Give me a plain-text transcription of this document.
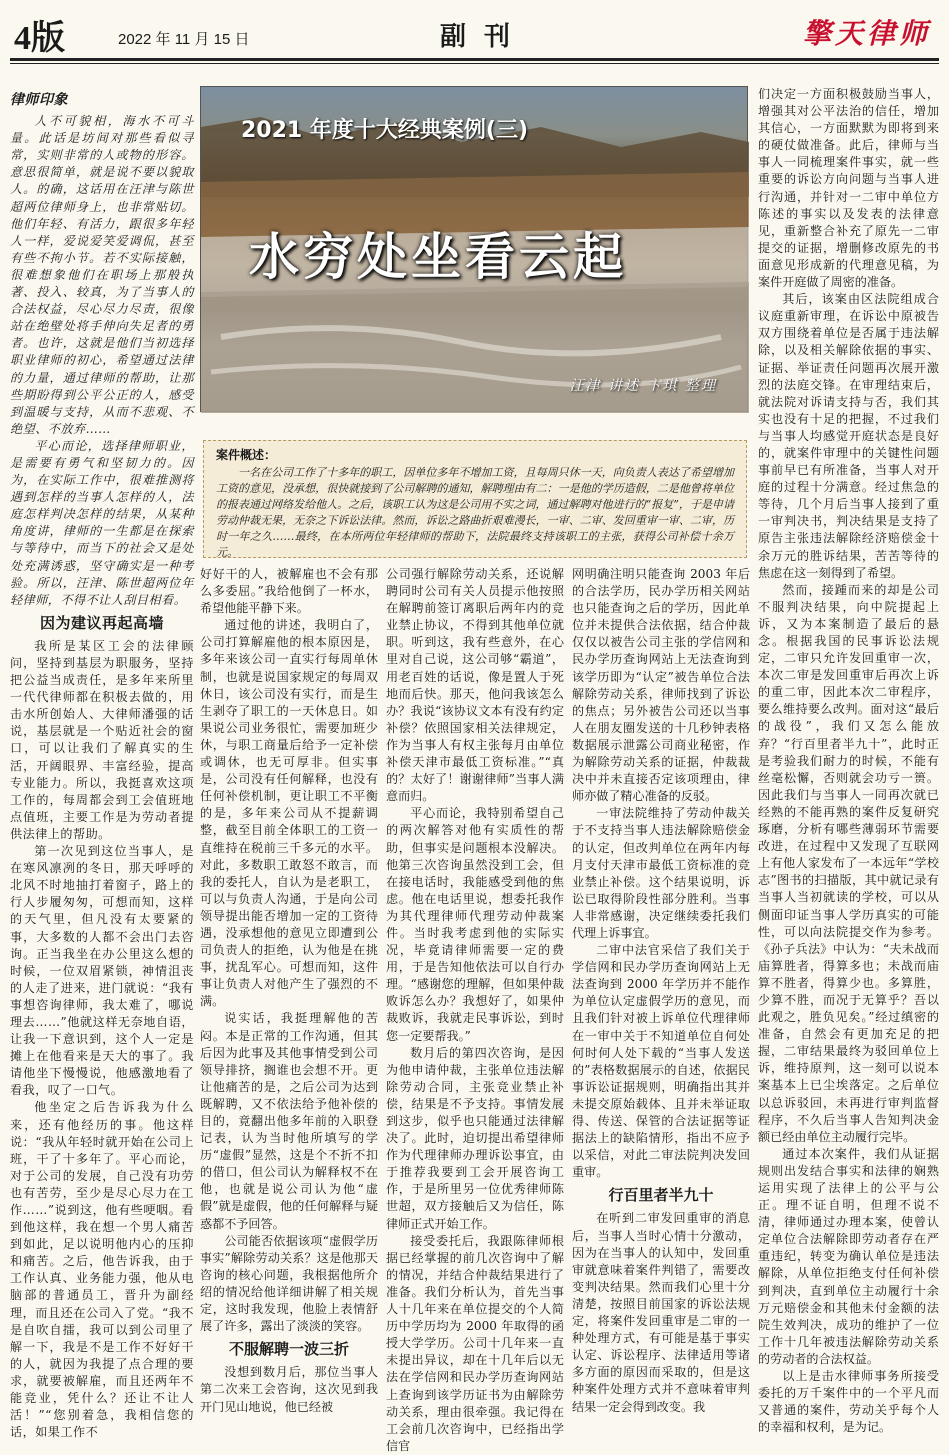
4版	2022 年 11 月 15 日	副刊	擎天律师
律师印象

人不可貌相，海水不可斗量。此话是坊间对那些看似寻常，实则非常的人或物的形容。意思很简单，就是说不要以貌取人。的确，这话用在汪津与陈世超两位律师身上，也非常贴切。他们年轻、有活力，跟很多年轻人一样，爱说爱笑爱调侃，甚至有些不拘小节。若不实际接触，很难想象他们在职场上那般执著、投入、较真，为了当事人的合法权益，尽心尽力尽责，很像站在绝壁处将手伸向失足者的勇者。也许，这就是他们当初选择职业律师的初心，希望通过法律的力量，通过律师的帮助，让那些期盼得到公平公正的人，感受到温暖与支持，从而不悲观、不绝望、不放弃……

平心而论，选择律师职业，是需要有勇气和坚韧力的。因为，在实际工作中，很难推测将遇到怎样的当事人怎样的人，法庭怎样判决怎样的结果，从某种角度讲，律师的一生都是在探索与等待中，而当下的社会又是处处充满诱惑，坚守确实是一种考验。所以，汪津、陈世超两位年轻律师，不得不让人刮目相看。

因为建议再起高墙

我所是某区工会的法律顾问，坚持到基层为职服务，坚持把公益当成责任，是多年来所里一代代律师都在积极去做的，用击水所创始人、大律师潘强的话说，基层就是一个贴近社会的窗口，可以让我们了解真实的生活，开阔眼界、丰富经验，提高专业能力。所以，我挺喜欢这项工作的，每周都会到工会值班地点值班，主要工作是为劳动者提供法律上的帮助。

第一次见到这位当事人，是在寒风凛冽的冬日，那天呼呼的北风不时地抽打着窗子，路上的行人步履匆匆，可想而知，这样的天气里，但凡没有太要紧的事，大多数的人都不会出门去咨询。正当我坐在办公里这么想的时候，一位双眉紧锁，神情沮丧的人走了进来，进门就说：“我有事想咨询律师，我太难了，哪说理去……”他就这样无奈地自语，让我一下意识到，这个人一定是摊上在他看来是天大的事了。我请他坐下慢慢说，他感激地看了看我，叹了一口气。

他坐定之后告诉我为什么来，还有他经历的事。他这样说：“我从年轻时就开始在公司上班，干了十多年了。平心而论，对于公司的发展，自己没有功劳也有苦劳，至少是尽心尽力在工作……”说到这，他有些哽咽。看到他这样，我在想一个男人痛苦到如此，足以说明他内心的压抑和痛苦。之后，他告诉我，由于工作认真、业务能力强，他从电脑部的普通员工，晋升为副经理，而且还在公司入了党。“我不是自吹自擂，我可以到公司里了解一下，我是不是工作不好好干的人，就因为我提了点合理的要求，就要被解雇，而且还两年不能竞业，凭什么？还让不让人活！”“您别着急，我相信您的话，如果工作不

2021 年度十大经典案例(三)
水穷处坐看云起
汪津 讲述 卞琪 整理
案件概述：
一名在公司工作了十多年的职工，因单位多年不增加工资，且每周只休一天，向负责人表达了希望增加工资的意见，没承想，很快就接到了公司解聘的通知，解聘理由有二：一是他的学历造假，二是他曾将单位的报表通过网络发给他人。之后，该职工认为这是公司用不实之词，通过解聘对他进行的“报复”，于是申请劳动仲裁无果，无奈之下诉讼法律。然而，诉讼之路曲折艰难漫长，一审、二审、发回重审一审、二审，历时一年之久……最终，在本所两位年轻律师的帮助下，法院最终支持该职工的主张，获得公司补偿十余万元。

好好干的人，被解雇也不会有那么多委屈。”我给他倒了一杯水，希望他能平静下来。

通过他的讲述，我明白了，公司打算解雇他的根本原因是，多年来该公司一直实行每周单休制，也就是说国家规定的每周双休日，该公司没有实行，而是生生剥夺了职工的一天休息日。如果说公司业务很忙，需要加班少休，与职工商量后给予一定补偿或调休，也无可厚非。但实事是，公司没有任何解释，也没有任何补偿机制，更让职工不平衡的是，多年来公司从不提薪调整，截至目前全体职工的工资一直维持在税前三千多元的水平。对此，多数职工敢怒不敢言，而我的委托人，自认为是老职工，可以与负责人沟通，于是向公司领导提出能否增加一定的工资待遇，没承想他的意见立即遭到公司负责人的拒绝，认为他是在挑事，扰乱军心。可想而知，这件事让负责人对他产生了强烈的不满。

说实话，我挺理解他的苦闷。本是正常的工作沟通，但其后因为此事及其他事情受到公司领导排挤，搁谁也会想不开。更让他痛苦的是，之后公司为达到既解聘，又不依法给予他补偿的目的，竟翻出他多年前的入职登记表，认为当时他所填写的学历“虚假”显然，这是个不折不扣的借口，但公司认为解释权不在他，也就是说公司认为他“虚假”就是虚假，他的任何解释与疑惑都不予回答。

公司能否依据该项“虚假学历事实”解除劳动关系？这是他那天咨询的核心问题，我根据他所介绍的情况给他详细讲解了相关规定，这时我发现，他脸上表情舒展了许多，露出了淡淡的笑容。

不服解聘一波三折

没想到数月后，那位当事人第二次来工会咨询，这次见到我开门见山地说，他已经被

公司强行解除劳动关系，还说解聘同时公司有关人员提示他按照在解聘前签订离职后两年内的竞业禁止协议，不得到其他单位就职。听到这，我有些意外，在心里对自己说，这公司够“霸道”，用老百姓的话说，像是置人于死地而后快。那天，他问我该怎么办？我说“该协议文本有没有约定补偿？依照国家相关法律规定，作为当事人有权主张每月由单位补偿天津市最低工资标准。”“真的？太好了！谢谢律师”当事人满意而归。

平心而论，我特别希望自己的两次解答对他有实质性的帮助，但事实是问题根本没解决。他第三次咨询虽然没到工会，但在接电话时，我能感受到他的焦虑。他在电话里说，想委托我作为其代理律师代理劳动仲裁案件。当时我考虑到他的实际实况，毕竟请律师需要一定的费用，于是告知他依法可以自行办理。“感谢您的理解，但如果仲裁败诉怎么办？我想好了，如果仲裁败诉，我就走民事诉讼，到时您一定要帮我。”

数月后的第四次咨询，是因为他申请仲裁，主张单位违法解除劳动合同，主张竞业禁止补偿，结果是不予支持。事情发展到这步，似乎也只能通过法律解决了。此时，迫切提出希望律师作为代理律师办理诉讼事宜，由于推荐我要到工会开展咨询工作，于是所里另一位优秀律师陈世超，双方接触后又为信任，陈律师正式开始工作。

接受委托后，我跟陈律师根据已经掌握的前几次咨询中了解的情况，并结合仲裁结果进行了准备。我们分析认为，首先当事人十几年来在单位提交的个人简历中学历均为 2000 年取得的函授大学学历。公司十几年来一直未提出异议，却在十几年后以无法在学信网和民办学历查询网站上查询到该学历证书为由解除劳动关系，理由很牵强。我记得在工会前几次咨询中，已经指出学信官

网明确注明只能查询 2003 年后的合法学历，民办学历相关网站也只能查询之后的学历，因此单位并未提供合法依据，结合仲裁仅仅以被告公司主张的学信网和民办学历查询网站上无法查询到该学历即为“认定”被告单位合法解除劳动关系，律师找到了诉讼的焦点；另外被告公司还以当事人在朋友圈发送的十几秒钟表格数据展示泄露公司商业秘密，作为解除劳动关系的证据，仲裁裁决中并未直接否定该项理由，律师亦做了精心准备的反驳。

一审法院维持了劳动仲裁关于不支持当事人违法解除赔偿金的认定，但改判单位在两年内每月支付天津市最低工资标准的竞业禁止补偿。这个结果说明，诉讼已取得阶段性部分胜利。当事人非常感谢，决定继续委托我们代理上诉事宜。

二审中法官采信了我们关于学信网和民办学历查询网站上无法查询到 2000 年学历并不能作为单位认定虚假学历的意见，而且我们针对被上诉单位代理律师在一审中关于不知道单位自何处何时何人处下载的“当事人发送的”表格数据展示的自述，依据民事诉讼证据规则，明确指出其并未提交原始载体、且并未举证取得、传送、保管的合法证据等证据法上的缺陷情形，指出不应予以采信，对此二审法院判决发回重审。

行百里者半九十

在听到二审发回重审的消息后，当事人当时心情十分激动，因为在当事人的认知中，发回重审就意味着案件判错了，需要改变判决结果。然而我们心里十分清楚，按照目前国家的诉讼法规定，将案件发回重审是二审的一种处理方式，有可能是基于事实认定、诉讼程序、法律适用等诸多方面的原因而采取的，但是这种案件处理方式并不意味着审判结果一定会得到改变。我

们决定一方面积极鼓励当事人，增强其对公平法治的信任，增加其信心，一方面默默为即将到来的硬仗做准备。此后，律师与当事人一同梳理案件事实，就一些重要的诉讼方向问题与当事人进行沟通，并针对一二审中单位方陈述的事实以及发表的法律意见，重新整合补充了原先一二审提交的证据，增删修改原先的书面意见形成新的代理意见稿，为案件开庭做了周密的准备。

其后，该案由区法院组成合议庭重新审理，在诉讼中原被告双方围绕着单位是否属于违法解除，以及相关解除依据的事实、证据、举证责任问题再次展开激烈的法庭交锋。在审理结束后，就法院对诉请支持与否，我们其实也没有十足的把握，不过我们与当事人均感觉开庭状态是良好的，就案件审理中的关键性问题事前早已有所准备，当事人对开庭的过程十分满意。经过焦急的等待，几个月后当事人接到了重一审判决书，判决结果是支持了原告主张违法解除经济赔偿金十余万元的胜诉结果，苦苦等待的焦虑在这一刻得到了希望。

然而，接踵而来的却是公司不服判决结果，向中院提起上诉，又为本案制造了最后的悬念。根据我国的民事诉讼法规定，二审只允许发回重审一次，本次二审是发回重审后再次上诉的重二审，因此本次二审程序，要么维持要么改判。面对这“最后的战役”，我们又怎么能放弃？“行百里者半九十”，此时正是考验我们耐力的时候，不能有丝毫松懈，否则就会功亏一篑。因此我们与当事人一同再次就已经熟的不能再熟的案件反复研究琢磨，分析有哪些薄弱环节需要改进，在过程中又发现了互联网上有他人家发布了一本远年“学校志”图书的扫描版，其中就记录有当事人当初就读的学校，可以从侧面印证当事人学历真实的可能性，可以向法院提交作为参考。《孙子兵法》中认为：“夫未战而庙算胜者，得算多也；未战而庙算不胜者，得算少也。多算胜，少算不胜，而况于无算乎？吾以此观之，胜负见矣。”经过缜密的准备，自然会有更加充足的把握，二审结果最终为驳回单位上诉，维持原判，这一刻可以说本案基本上已尘埃落定。之后单位以总诉驳回，未再进行审判监督程序，不久后当事人告知判决金额已经由单位主动履行完毕。

通过本次案件，我们从证据规则出发结合事实和法律的娴熟运用实现了法律上的公平与公正。理不证自明，但理不说不清，律师通过办理本案，使曾认定单位合法解除即劳动者存在严重违纪，转变为确认单位是违法解除，从单位拒绝支付任何补偿到判决，直到单位主动履行十余万元赔偿金和其他未付金额的法院生效判决，成功的维护了一位工作十几年被违法解除劳动关系的劳动者的合法权益。

以上是击水律师事务所接受委托的万千案件中的一个平凡而又普通的案件，劳动关乎每个人的幸福和权利，是为记。
